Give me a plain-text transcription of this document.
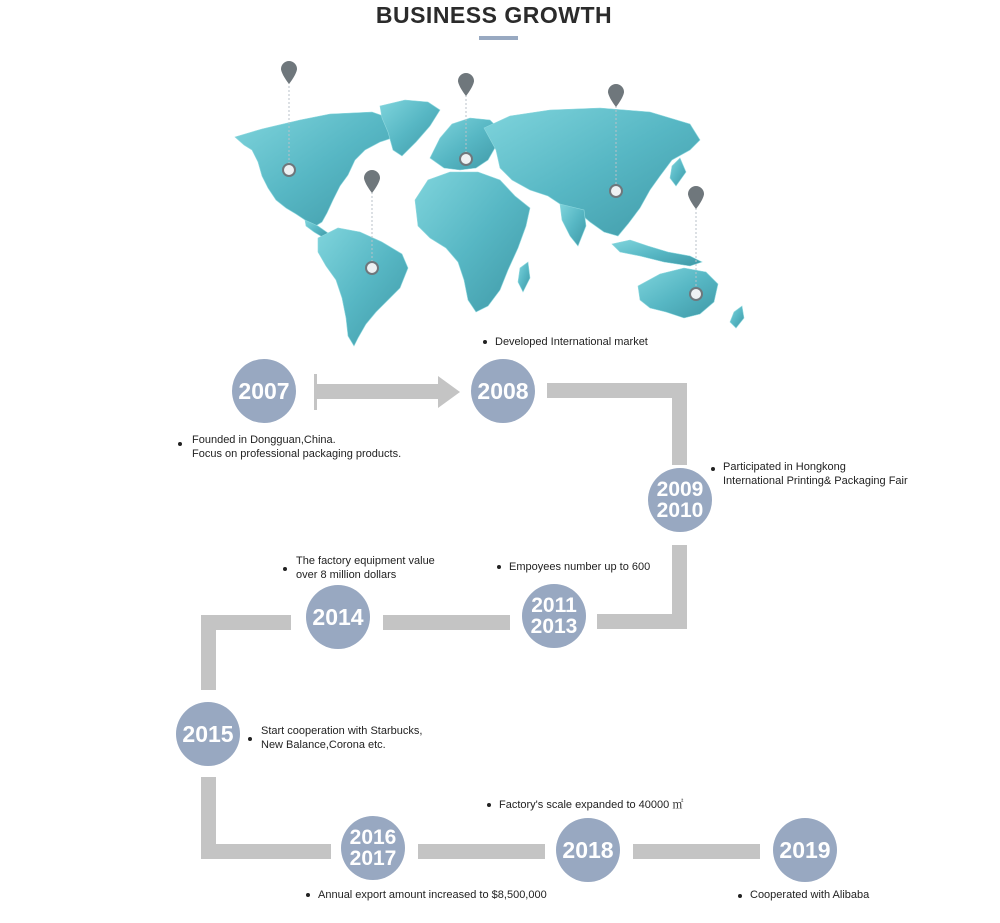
BUSINESS GROWTH
2007	2008
2009
2010
2011
2013
2014
2015
2016
2017	2018	2019
Developed International market
Founded in Dongguan,China.
Focus on professional packaging products.
Participated in Hongkong
International Printing& Packaging Fair
The factory equipment value
over 8 million dollars
Empoyees number up to 600
Start cooperation with Starbucks,
New Balance,Corona etc.
Factory's scale expanded to 40000 ㎡
Annual export amount increased to $8,500,000	Cooperated with Alibaba
